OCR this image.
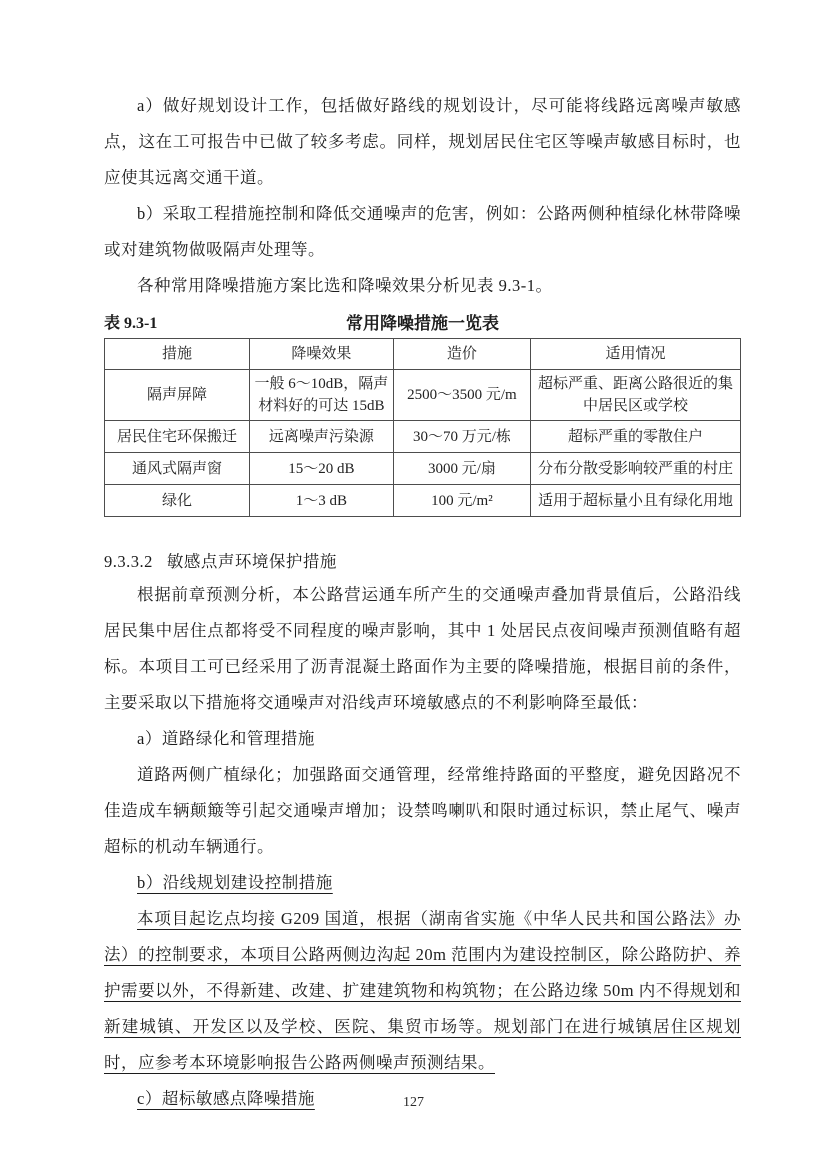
a）做好规划设计工作，包括做好路线的规划设计，尽可能将线路远离噪声敏感点，这在工可报告中已做了较多考虑。同样，规划居民住宅区等噪声敏感目标时，也应使其远离交通干道。

b）采取工程措施控制和降低交通噪声的危害，例如：公路两侧种植绿化林带降噪或对建筑物做吸隔声处理等。

各种常用降噪措施方案比选和降噪效果分析见表 9.3-1。

表 9.3-1	常用降噪措施一览表
措施	降噪效果	造价	适用情况
隔声屏障	一般 6～10dB，隔声材料好的可达 15dB	2500～3500 元/m	超标严重、距离公路很近的集中居民区或学校
居民住宅环保搬迁	远离噪声污染源	30～70 万元/栋	超标严重的零散住户
通风式隔声窗	15～20 dB	3000 元/扇	分布分散受影响较严重的村庄
绿化	1～3 dB	100 元/m²	适用于超标量小且有绿化用地
9.3.3.2 敏感点声环境保护措施

根据前章预测分析，本公路营运通车所产生的交通噪声叠加背景值后，公路沿线居民集中居住点都将受不同程度的噪声影响，其中 1 处居民点夜间噪声预测值略有超标。本项目工可已经采用了沥青混凝土路面作为主要的降噪措施，根据目前的条件，主要采取以下措施将交通噪声对沿线声环境敏感点的不利影响降至最低：

a）道路绿化和管理措施

道路两侧广植绿化；加强路面交通管理，经常维持路面的平整度，避免因路况不佳造成车辆颠簸等引起交通噪声增加；设禁鸣喇叭和限时通过标识，禁止尾气、噪声超标的机动车辆通行。

b）沿线规划建设控制措施

本项目起讫点均接 G209 国道，根据（湖南省实施《中华人民共和国公路法》办法）的控制要求，本项目公路两侧边沟起 20m 范围内为建设控制区，除公路防护、养护需要以外，不得新建、改建、扩建建筑物和构筑物；在公路边缘 50m 内不得规划和新建城镇、开发区以及学校、医院、集贸市场等。规划部门在进行城镇居住区规划时，应参考本环境影响报告公路两侧噪声预测结果。

c）超标敏感点降噪措施	127
